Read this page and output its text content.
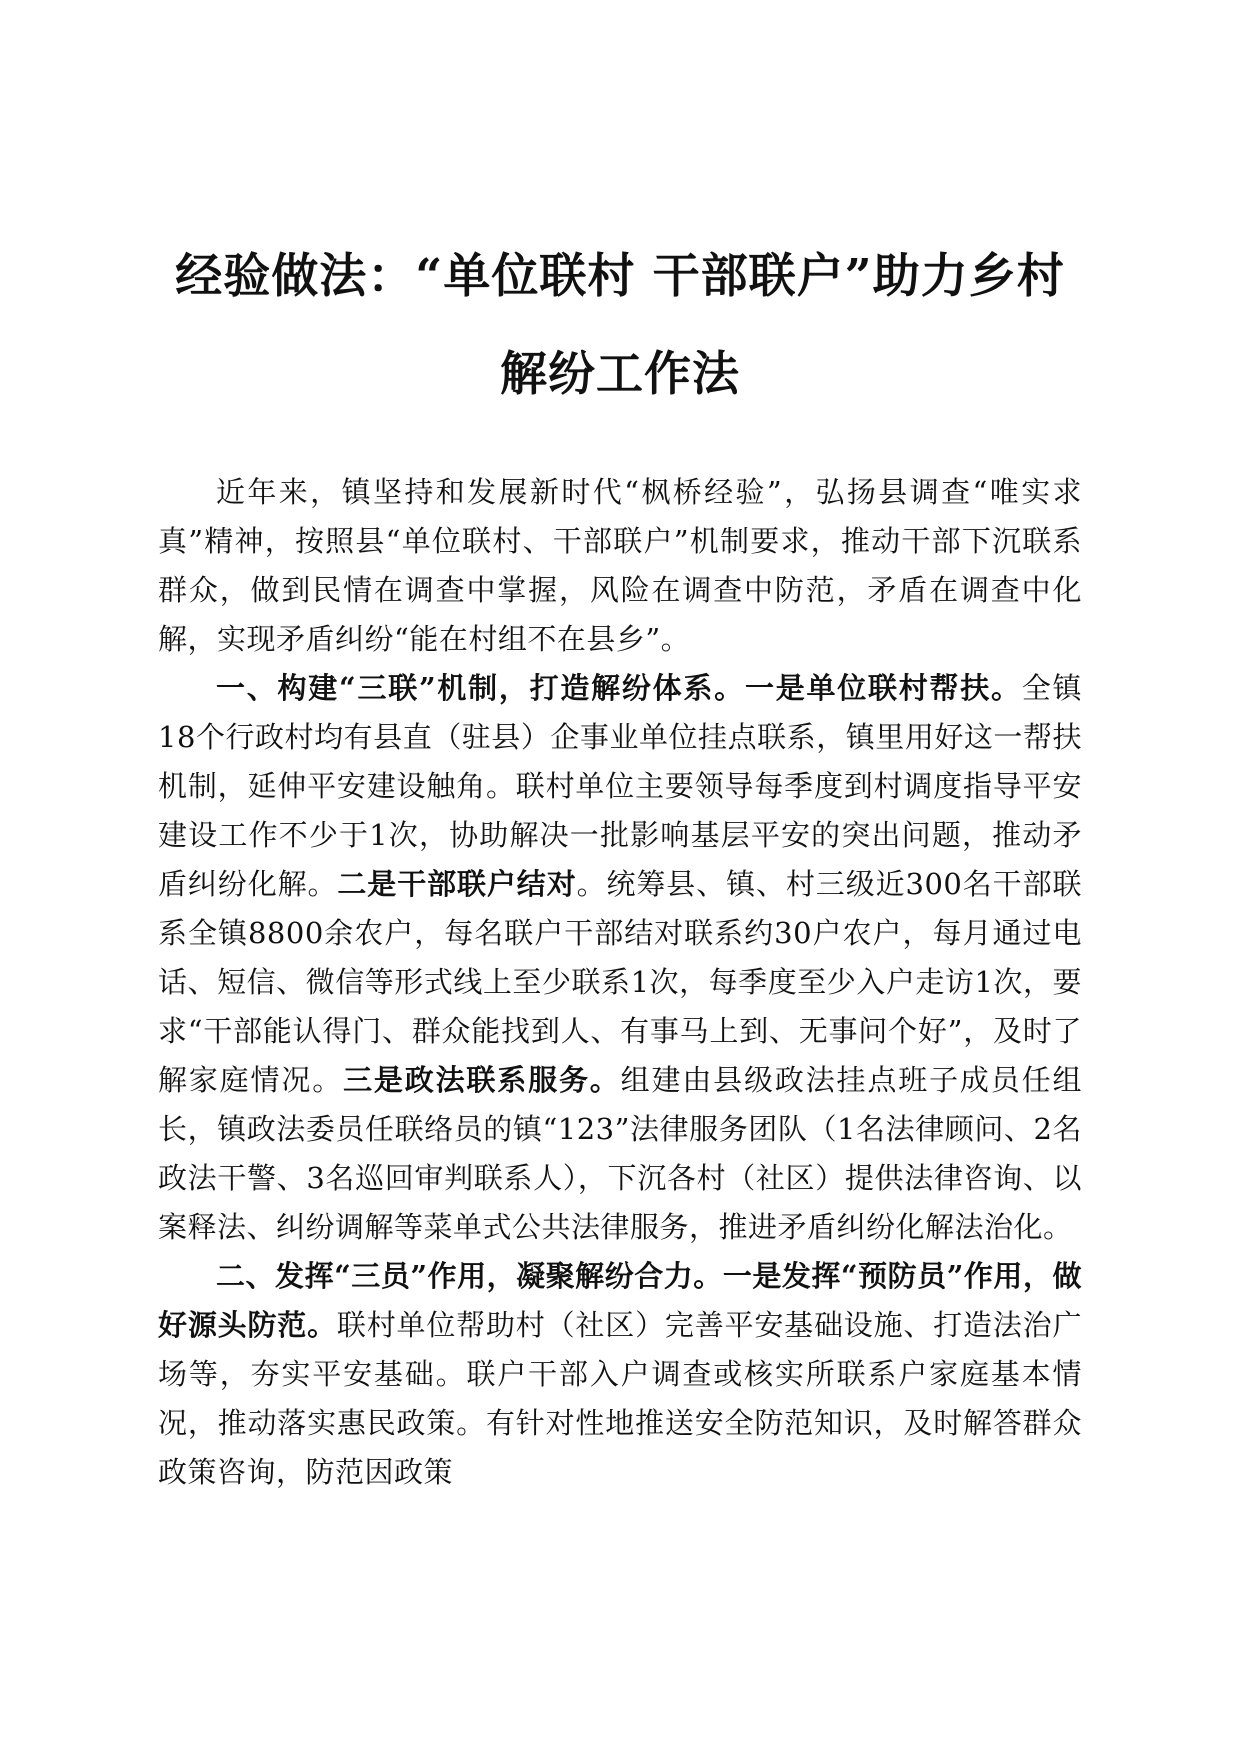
经验做法：“单位联村 干部联户”助力乡村
解纷工作法

近年来，镇坚持和发展新时代“枫桥经验”，弘扬县调查“唯实求真”精神，按照县“单位联村、干部联户”机制要求，推动干部下沉联系群众，做到民情在调查中掌握，风险在调查中防范，矛盾在调查中化解，实现矛盾纠纷“能在村组不在县乡”。

一、构建“三联”机制，打造解纷体系。一是单位联村帮扶。全镇18个行政村均有县直（驻县）企事业单位挂点联系，镇里用好这一帮扶机制，延伸平安建设触角。联村单位主要领导每季度到村调度指导平安建设工作不少于1次，协助解决一批影响基层平安的突出问题，推动矛盾纠纷化解。二是干部联户结对。统筹县、镇、村三级近300名干部联系全镇8800余农户，每名联户干部结对联系约30户农户，每月通过电话、短信、微信等形式线上至少联系1次，每季度至少入户走访1次，要求“干部能认得门、群众能找到人、有事马上到、无事问个好”，及时了解家庭情况。三是政法联系服务。组建由县级政法挂点班子成员任组长，镇政法委员任联络员的镇“123”法律服务团队（1名法律顾问、2名政法干警、3名巡回审判联系人），下沉各村（社区）提供法律咨询、以案释法、纠纷调解等菜单式公共法律服务，推进矛盾纠纷化解法治化。

二、发挥“三员”作用，凝聚解纷合力。一是发挥“预防员”作用，做好源头防范。联村单位帮助村（社区）完善平安基础设施、打造法治广场等，夯实平安基础。联户干部入户调查或核实所联系户家庭基本情况，推动落实惠民政策。有针对性地推送安全防范知识，及时解答群众政策咨询，防范因政策
